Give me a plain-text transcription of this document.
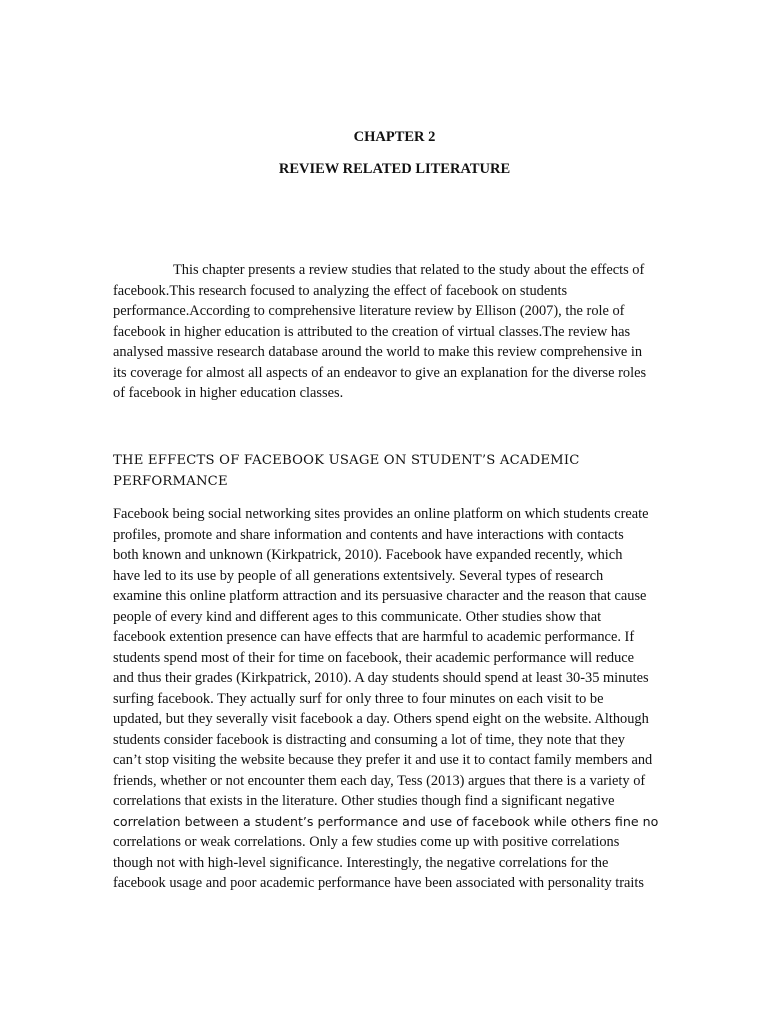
CHAPTER 2
REVIEW RELATED LITERATURE

This chapter presents a review studies that related to the study about the effects of
facebook.This research focused to analyzing the effect of facebook on students
performance.According to comprehensive literature review by Ellison (2007), the role of
facebook in higher education is attributed to the creation of virtual classes.The review has
analysed massive research database around the world to make this review comprehensive in
its coverage for almost all aspects of an endeavor to give an explanation for the diverse roles
of facebook in higher education classes.

THE EFFECTS OF FACEBOOK USAGE ON STUDENT’S ACADEMIC
PERFORMANCE

Facebook being social networking sites provides an online platform on which students create
profiles, promote and share information and contents and have interactions with contacts
both known and unknown (Kirkpatrick, 2010). Facebook have expanded recently, which
have led to its use by people of all generations extentsively. Several types of research
examine this online platform attraction and its persuasive character and the reason that cause
people of every kind and different ages to this communicate. Other studies show that
facebook extention presence can have effects that are harmful to academic performance. If
students spend most of their for time on facebook, their academic performance will reduce
and thus their grades (Kirkpatrick, 2010). A day students should spend at least 30-35 minutes
surfing facebook. They actually surf for only three to four minutes on each visit to be
updated, but they severally visit facebook a day. Others spend eight on the website. Although
students consider facebook is distracting and consuming a lot of time, they note that they
can’t stop visiting the website because they prefer it and use it to contact family members and
friends, whether or not encounter them each day, Tess (2013) argues that there is a variety of
correlations that exists in the literature. Other studies though find a significant negative
correlation between a student’s performance and use of facebook while others fine no
correlations or weak correlations. Only a few studies come up with positive correlations
though not with high-level significance. Interestingly, the negative correlations for the
facebook usage and poor academic performance have been associated with personality traits
